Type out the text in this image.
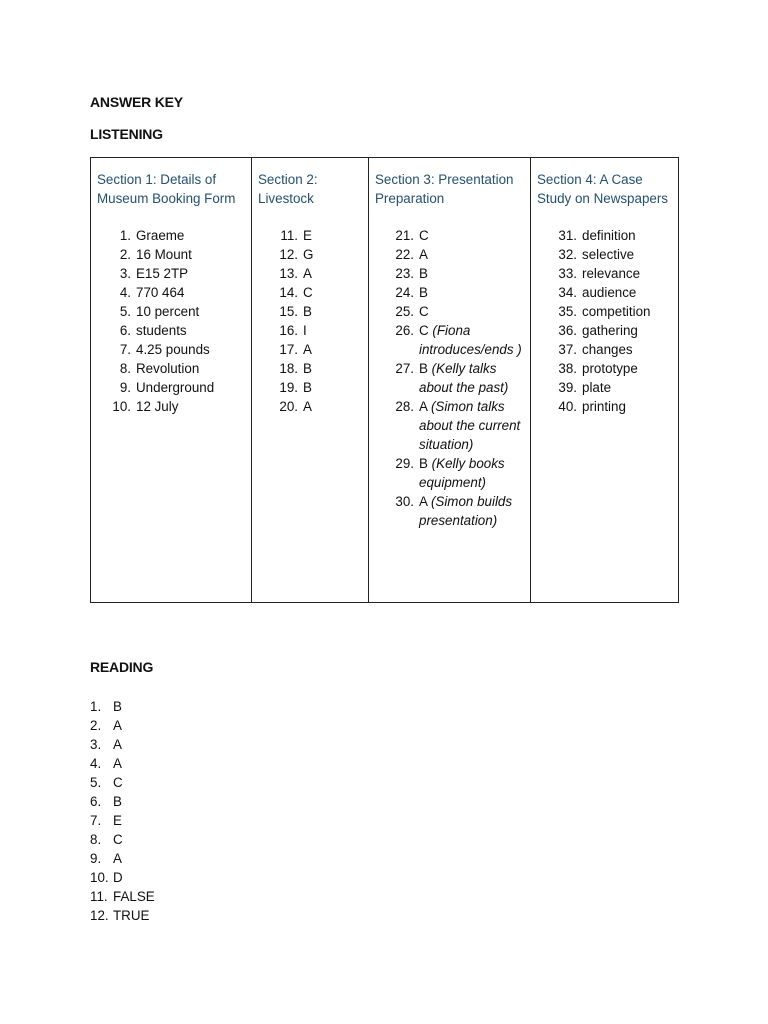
ANSWER KEY
LISTENING
Section 1: Details of Museum Booking Form
1. Graeme
2. 16 Mount
3. E15 2TP
4. 770 464
5. 10 percent
6. students
7. 4.25 pounds
8. Revolution
9. Underground
10. 12 July

Section 2: Livestock
11. E
12. G
13. A
14. C
15. B
16. I
17. A
18. B
19. B
20. A

Section 3: Presentation Preparation
21. C
22. A
23. B
24. B
25. C
26. C (Fiona introduces/ends )
27. B (Kelly talks about the past)
28. A (Simon talks about the current situation)
29. B (Kelly books equipment)
30. A (Simon builds presentation)

Section 4: A Case Study on Newspapers
31. definition
32. selective
33. relevance
34. audience
35. competition
36. gathering
37. changes
38. prototype
39. plate
40. printing
READING
1. B
2. A
3. A
4. A
5. C
6. B
7. E
8. C
9. A
10. D
11. FALSE
12. TRUE
